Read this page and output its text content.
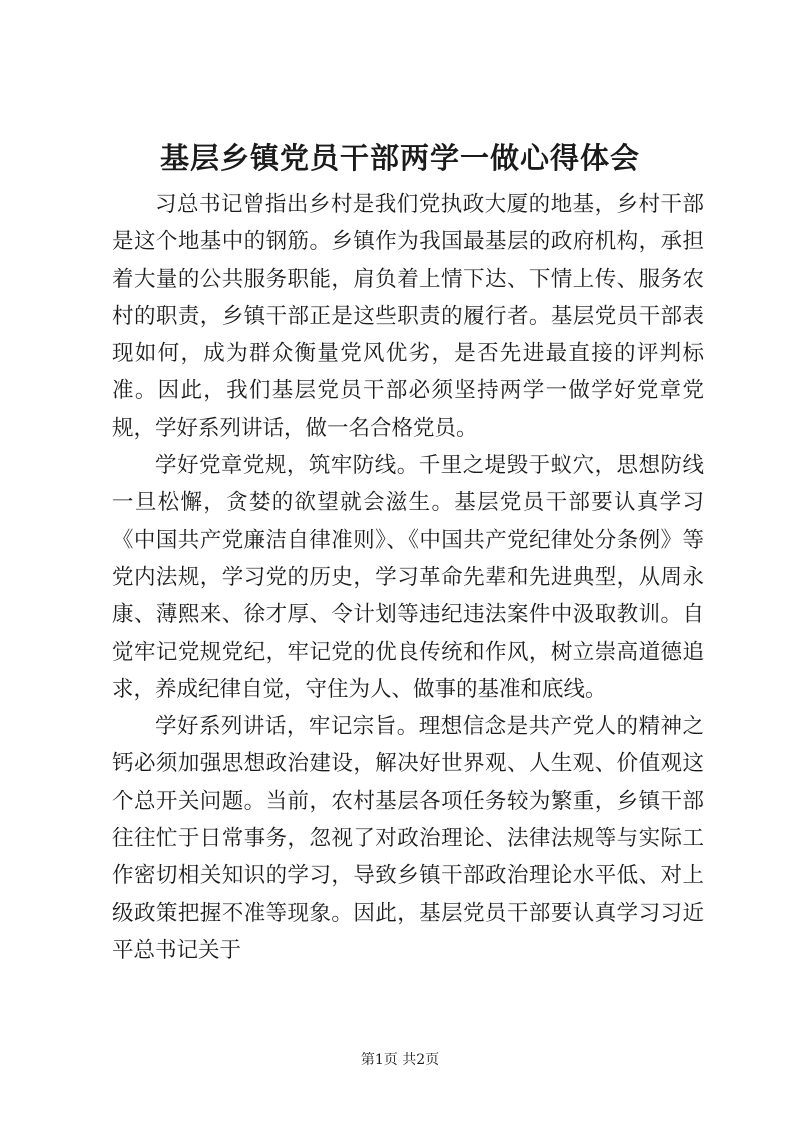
基层乡镇党员干部两学一做心得体会

习总书记曾指出乡村是我们党执政大厦的地基，乡村干部是这个地基中的钢筋。乡镇作为我国最基层的政府机构，承担着大量的公共服务职能，肩负着上情下达、下情上传、服务农村的职责，乡镇干部正是这些职责的履行者。基层党员干部表现如何，成为群众衡量党风优劣，是否先进最直接的评判标准。因此，我们基层党员干部必须坚持两学一做学好党章党规，学好系列讲话，做一名合格党员。

学好党章党规，筑牢防线。千里之堤毁于蚁穴，思想防线一旦松懈，贪婪的欲望就会滋生。基层党员干部要认真学习《中国共产党廉洁自律准则》、《中国共产党纪律处分条例》等党内法规，学习党的历史，学习革命先辈和先进典型，从周永康、薄熙来、徐才厚、令计划等违纪违法案件中汲取教训。自觉牢记党规党纪，牢记党的优良传统和作风，树立崇高道德追求，养成纪律自觉，守住为人、做事的基准和底线。

学好系列讲话，牢记宗旨。理想信念是共产党人的精神之钙必须加强思想政治建设，解决好世界观、人生观、价值观这个总开关问题。当前，农村基层各项任务较为繁重，乡镇干部往往忙于日常事务，忽视了对政治理论、法律法规等与实际工作密切相关知识的学习，导致乡镇干部政治理论水平低、对上级政策把握不准等现象。因此，基层党员干部要认真学习习近平总书记关于

第1页 共2页
